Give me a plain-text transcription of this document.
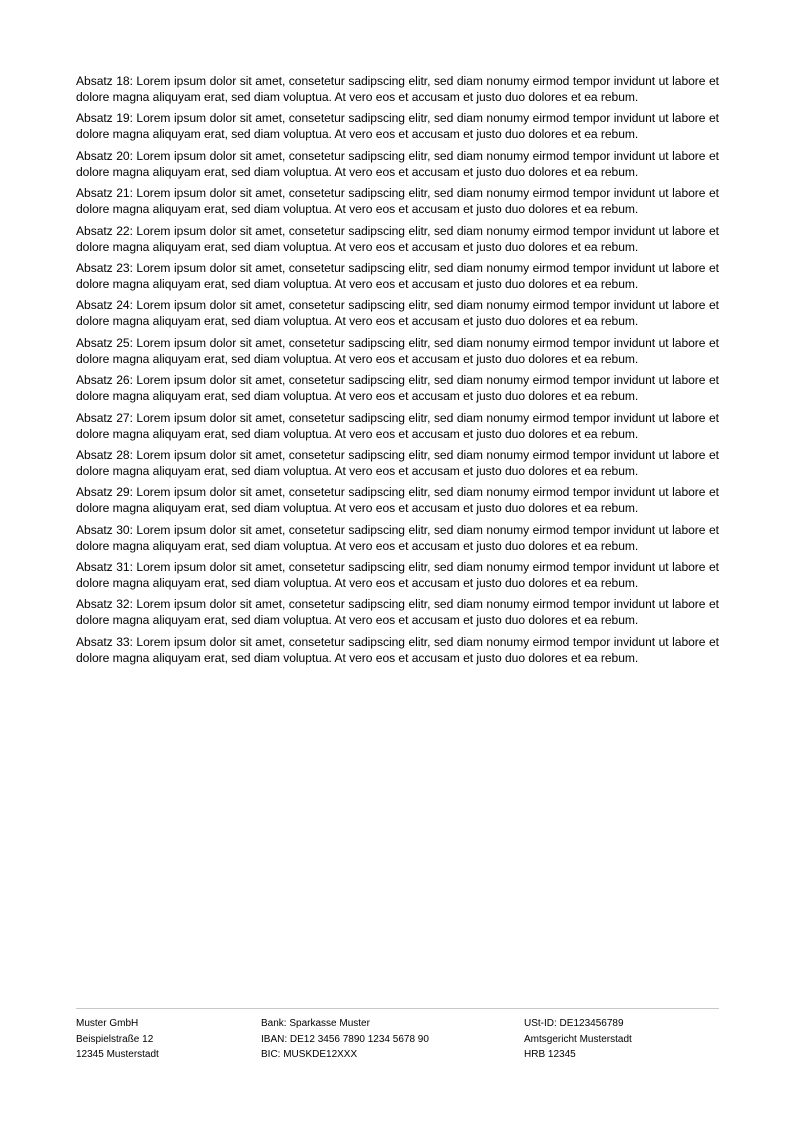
Absatz 18: Lorem ipsum dolor sit amet, consetetur sadipscing elitr, sed diam nonumy eirmod tempor invidunt ut labore et dolore magna aliquyam erat, sed diam voluptua. At vero eos et accusam et justo duo dolores et ea rebum.

Absatz 19: Lorem ipsum dolor sit amet, consetetur sadipscing elitr, sed diam nonumy eirmod tempor invidunt ut labore et dolore magna aliquyam erat, sed diam voluptua. At vero eos et accusam et justo duo dolores et ea rebum.

Absatz 20: Lorem ipsum dolor sit amet, consetetur sadipscing elitr, sed diam nonumy eirmod tempor invidunt ut labore et dolore magna aliquyam erat, sed diam voluptua. At vero eos et accusam et justo duo dolores et ea rebum.

Absatz 21: Lorem ipsum dolor sit amet, consetetur sadipscing elitr, sed diam nonumy eirmod tempor invidunt ut labore et dolore magna aliquyam erat, sed diam voluptua. At vero eos et accusam et justo duo dolores et ea rebum.

Absatz 22: Lorem ipsum dolor sit amet, consetetur sadipscing elitr, sed diam nonumy eirmod tempor invidunt ut labore et dolore magna aliquyam erat, sed diam voluptua. At vero eos et accusam et justo duo dolores et ea rebum.

Absatz 23: Lorem ipsum dolor sit amet, consetetur sadipscing elitr, sed diam nonumy eirmod tempor invidunt ut labore et dolore magna aliquyam erat, sed diam voluptua. At vero eos et accusam et justo duo dolores et ea rebum.

Absatz 24: Lorem ipsum dolor sit amet, consetetur sadipscing elitr, sed diam nonumy eirmod tempor invidunt ut labore et dolore magna aliquyam erat, sed diam voluptua. At vero eos et accusam et justo duo dolores et ea rebum.

Absatz 25: Lorem ipsum dolor sit amet, consetetur sadipscing elitr, sed diam nonumy eirmod tempor invidunt ut labore et dolore magna aliquyam erat, sed diam voluptua. At vero eos et accusam et justo duo dolores et ea rebum.

Absatz 26: Lorem ipsum dolor sit amet, consetetur sadipscing elitr, sed diam nonumy eirmod tempor invidunt ut labore et dolore magna aliquyam erat, sed diam voluptua. At vero eos et accusam et justo duo dolores et ea rebum.

Absatz 27: Lorem ipsum dolor sit amet, consetetur sadipscing elitr, sed diam nonumy eirmod tempor invidunt ut labore et dolore magna aliquyam erat, sed diam voluptua. At vero eos et accusam et justo duo dolores et ea rebum.

Absatz 28: Lorem ipsum dolor sit amet, consetetur sadipscing elitr, sed diam nonumy eirmod tempor invidunt ut labore et dolore magna aliquyam erat, sed diam voluptua. At vero eos et accusam et justo duo dolores et ea rebum.

Absatz 29: Lorem ipsum dolor sit amet, consetetur sadipscing elitr, sed diam nonumy eirmod tempor invidunt ut labore et dolore magna aliquyam erat, sed diam voluptua. At vero eos et accusam et justo duo dolores et ea rebum.

Absatz 30: Lorem ipsum dolor sit amet, consetetur sadipscing elitr, sed diam nonumy eirmod tempor invidunt ut labore et dolore magna aliquyam erat, sed diam voluptua. At vero eos et accusam et justo duo dolores et ea rebum.

Absatz 31: Lorem ipsum dolor sit amet, consetetur sadipscing elitr, sed diam nonumy eirmod tempor invidunt ut labore et dolore magna aliquyam erat, sed diam voluptua. At vero eos et accusam et justo duo dolores et ea rebum.

Absatz 32: Lorem ipsum dolor sit amet, consetetur sadipscing elitr, sed diam nonumy eirmod tempor invidunt ut labore et dolore magna aliquyam erat, sed diam voluptua. At vero eos et accusam et justo duo dolores et ea rebum.

Absatz 33: Lorem ipsum dolor sit amet, consetetur sadipscing elitr, sed diam nonumy eirmod tempor invidunt ut labore et dolore magna aliquyam erat, sed diam voluptua. At vero eos et accusam et justo duo dolores et ea rebum.

Muster GmbH
Beispielstraße 12
12345 Musterstadt
Bank: Sparkasse Muster
IBAN: DE12 3456 7890 1234 5678 90
BIC: MUSKDE12XXX
USt-ID: DE123456789
Amtsgericht Musterstadt
HRB 12345
